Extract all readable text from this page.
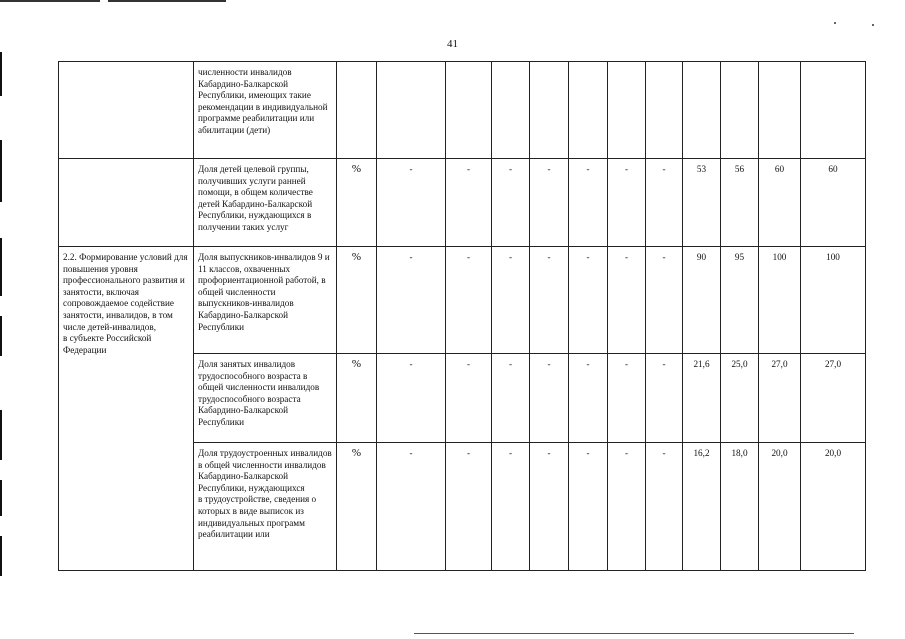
41
	численности инвалидов Кабардино-Балкарской Республики, имеющих такие рекомендации в индивидуальной программе реабилитации или абилитации (дети)												
	Доля детей целевой группы, получивших услуги ранней помощи, в общем количестве детей Кабардино-Балкарской Республики, нуждающихся в получении таких услуг	%	-	-	-	-	-	-	-	53	56	60	60
2.2. Формирование условий для повышения уровня профессионального развития и занятости, включая сопровождаемое содействие занятости, инвалидов, в том числе детей-инвалидов,
в субъекте Российской Федерации	Доля выпускников-инвалидов 9 и 11 классов, охваченных профориентационной работой, в общей численности выпускников-инвалидов Кабардино-Балкарской Республики	%	-	-	-	-	-	-	-	90	95	100	100
	Доля занятых инвалидов трудоспособного возраста в общей численности инвалидов трудоспособного возраста Кабардино-Балкарской Республики	%	-	-	-	-	-	-	-	21,6	25,0	27,0	27,0
	Доля трудоустроенных инвалидов в общей численности инвалидов Кабардино-Балкарской Республики, нуждающихся
в трудоустройстве, сведения о которых в виде выписок из индивидуальных программ реабилитации или	%	-	-	-	-	-	-	-	16,2	18,0	20,0	20,0
